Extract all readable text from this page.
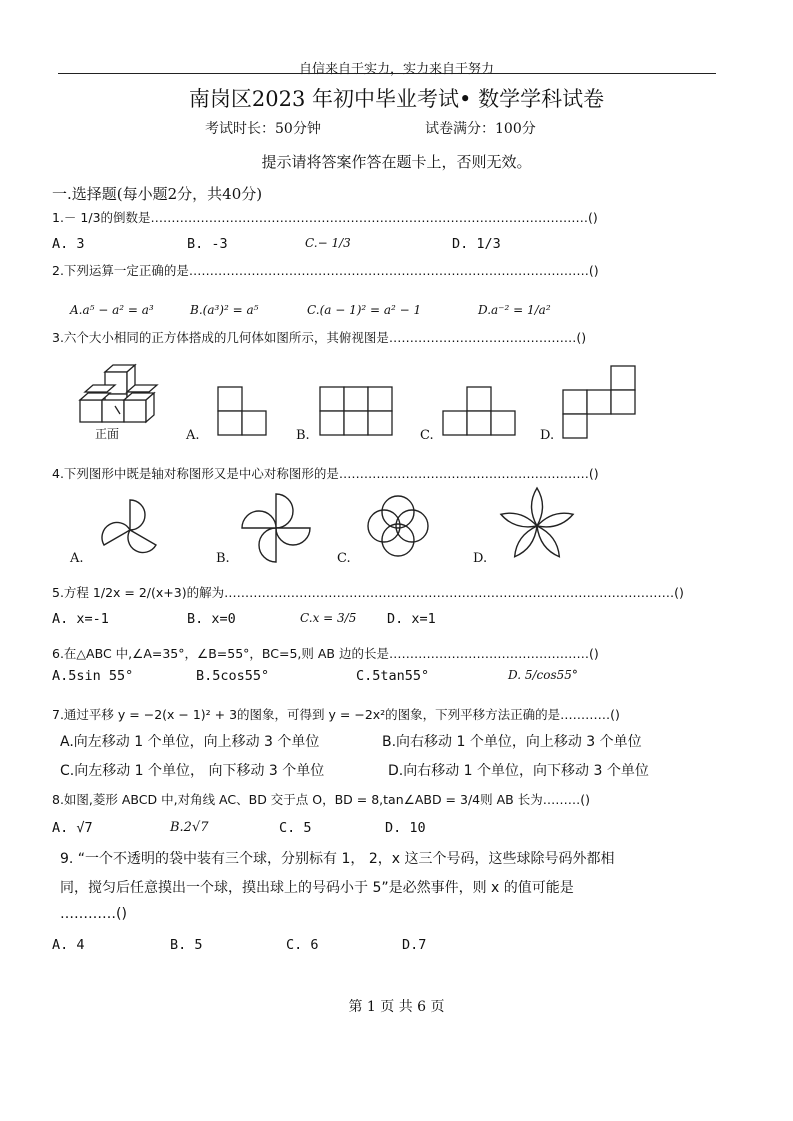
自信来自于实力，实力来自于努力
南岗区2023 年初中毕业考试• 数学学科试卷
考试时长：50分钟	试卷满分：100分
提示请将答案作答在题卡上，否则无效。
一.选择题(每小题2分，共40分)
1.－ 1/3的倒数是……………………………………………………………………………………………()
A. 3	B. -3	C.− 1/3	D. 1/3
2.下列运算一定正确的是……………………………………………………………………………………()
A.a⁵ − a² = a³	B.(a³)² = a⁵	C.(a − 1)² = a² − 1	D.a⁻² = 1/a²
3.六个大小相同的正方体搭成的几何体如图所示，其俯视图是………………………………………()
正面	A.	B.	C.	D.
4.下列图形中既是轴对称图形又是中心对称图形的是……………………………………………………()
A.	B.	C.	D.
5.方程 1/2x = 2/(x+3)的解为………………………………………………………………………………………………()
A. x=-1	B. x=0	C.x = 3/5 D. x=1
6.在△ABC 中,∠A=35°，∠B=55°，BC=5,则 AB 边的长是…………………………………………()
A.5sin 55°	B.5cos55°	C.5tan55°	D. 5/cos55°
7.通过平移 y = −2(x − 1)² + 3的图象，可得到 y = −2x²的图象，下列平移方法正确的是…………()
A.向左移动 1 个单位，向上移动 3 个单位	B.向右移动 1 个单位，向上移动 3 个单位
C.向左移动 1 个单位， 向下移动 3 个单位	D.向右移动 1 个单位，向下移动 3 个单位
8.如图,菱形 ABCD 中,对角线 AC、BD 交于点 O，BD = 8,tan∠ABD = 3/4则 AB 长为………()
A. √7	B.2√7	C. 5	D. 10
9. “一个不透明的袋中装有三个球，分别标有 1， 2，x 这三个号码，这些球除号码外都相
同，搅匀后任意摸出一个球，摸出球上的号码小于 5”是必然事件，则 x 的值可能是
…………()
A. 4	B. 5	C. 6	D.7
第 1 页 共 6 页
